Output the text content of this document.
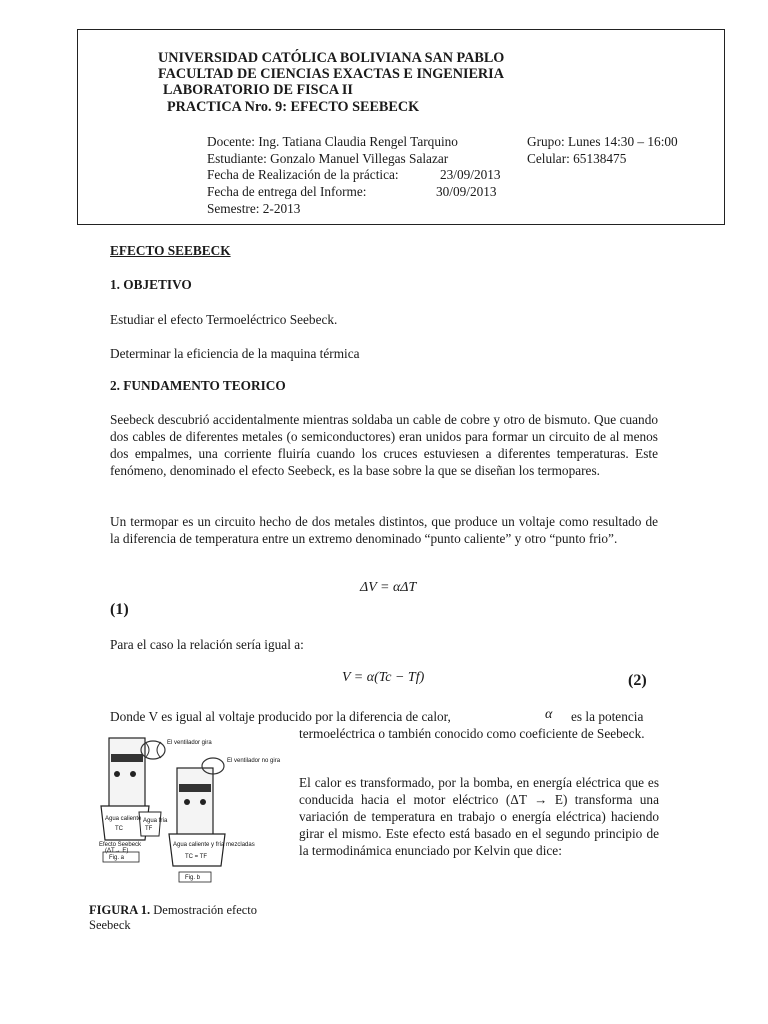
UNIVERSIDAD CATÓLICA BOLIVIANA SAN PABLO
FACULTAD DE CIENCIAS EXACTAS E INGENIERIA
LABORATORIO DE FISCA II
PRACTICA Nro. 9: EFECTO SEEBECK
Docente: Ing. Tatiana Claudia Rengel Tarquino	Grupo: Lunes 14:30 – 16:00
Estudiante: Gonzalo Manuel Villegas Salazar	Celular: 65138475
Fecha de Realización de la práctica:	23/09/2013
Fecha de entrega del Informe:	30/09/2013
Semestre: 2-2013
EFECTO SEEBECK
1. OBJETIVO
Estudiar el efecto Termoeléctrico Seebeck.
Determinar la eficiencia de la maquina térmica
2. FUNDAMENTO TEORICO
Seebeck descubrió accidentalmente mientras soldaba un cable de cobre y otro de bismuto. Que cuando dos cables de diferentes metales (o semiconductores) eran unidos para formar un circuito de al menos dos empalmes, una corriente fluiría cuando los cruces estuviesen a diferentes temperaturas. Este fenómeno, denominado el efecto Seebeck, es la base sobre la que se diseñan los termopares.
Un termopar es un circuito hecho de dos metales distintos, que produce un voltaje como resultado de la diferencia de temperatura entre un extremo denominado “punto caliente” y otro “punto frio”.
ΔV = αΔT
(1)
Para el caso la relación sería igual a:
V = α(Tc − Tf)	(2)
Donde V es igual al voltaje producido por la diferencia de calor,	α es la potencia
termoeléctrica o también conocido como coeficiente de Seebeck.
El calor es transformado, por la bomba, en energía eléctrica que es conducida hacia el motor eléctrico (ΔT → E) transforma una variación de temperatura en trabajo o energía eléctrica) haciendo girar el mismo. Este efecto está basado en el segundo principio de la termodinámica enunciado por Kelvin que dice:
El ventilador gira
El ventilador no gira
Agua caliente
TC
Agua fría
TF
Efecto Seebeck
(ΔT→ E)
Fig. a
Agua caliente y fría mezcladas
TC = TF
Fig. b
FIGURA 1. Demostración efecto Seebeck
